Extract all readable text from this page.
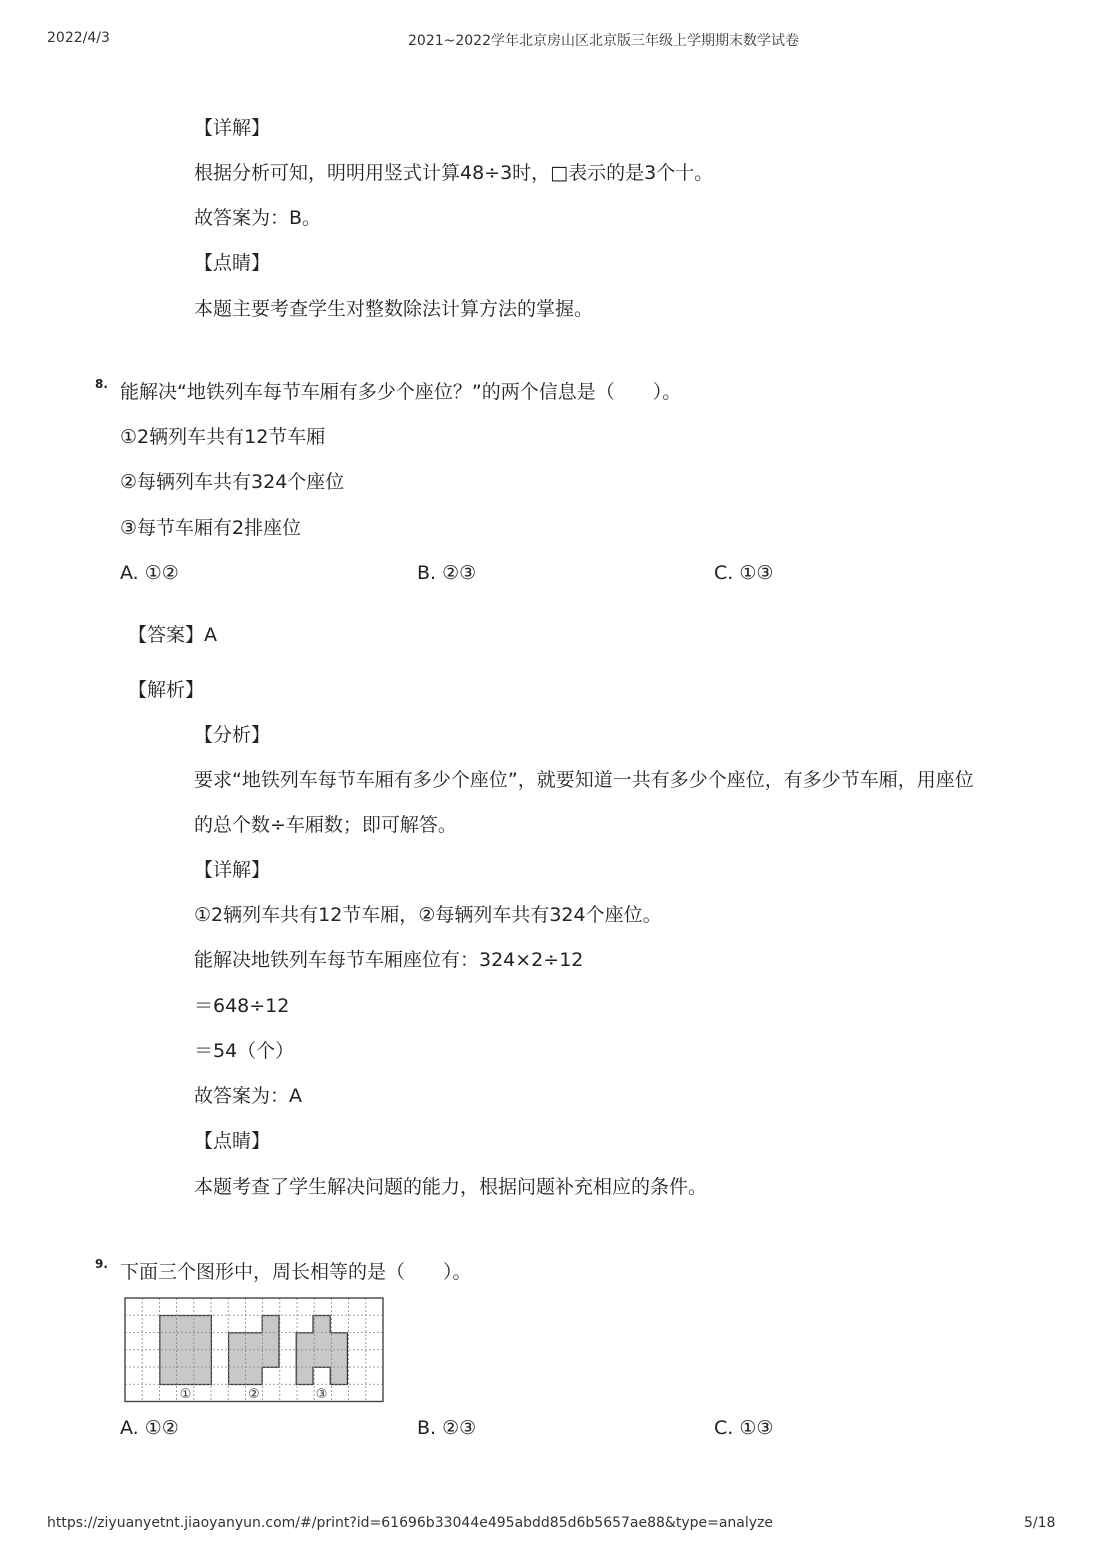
2022/4/3	2021~2022学年北京房山区北京版三年级上学期期末数学试卷
【详解】
根据分析可知，明明用竖式计算48÷3时，□表示的是3个十。
故答案为：B。
【点睛】
本题主要考查学生对整数除法计算方法的掌握。
8. 能解决“地铁列车每节车厢有多少个座位？”的两个信息是（　　）。
①2辆列车共有12节车厢
②每辆列车共有324个座位
③每节车厢有2排座位
A. ①②	B. ②③	C. ①③
【答案】A
【解析】
【分析】
要求“地铁列车每节车厢有多少个座位”，就要知道一共有多少个座位，有多少节车厢，用座位
的总个数÷车厢数；即可解答。
【详解】
①2辆列车共有12节车厢，②每辆列车共有324个座位。
能解决地铁列车每节车厢座位有：324×2÷12
＝648÷12
＝54（个）
故答案为：A
【点睛】
本题考查了学生解决问题的能力，根据问题补充相应的条件。
9. 下面三个图形中，周长相等的是（　　）。
①	②	③
A. ①②	B. ②③	C. ①③
https://ziyuanyetnt.jiaoyanyun.com/#/print?id=61696b33044e495abdd85d6b5657ae88&type=analyze	5/18
